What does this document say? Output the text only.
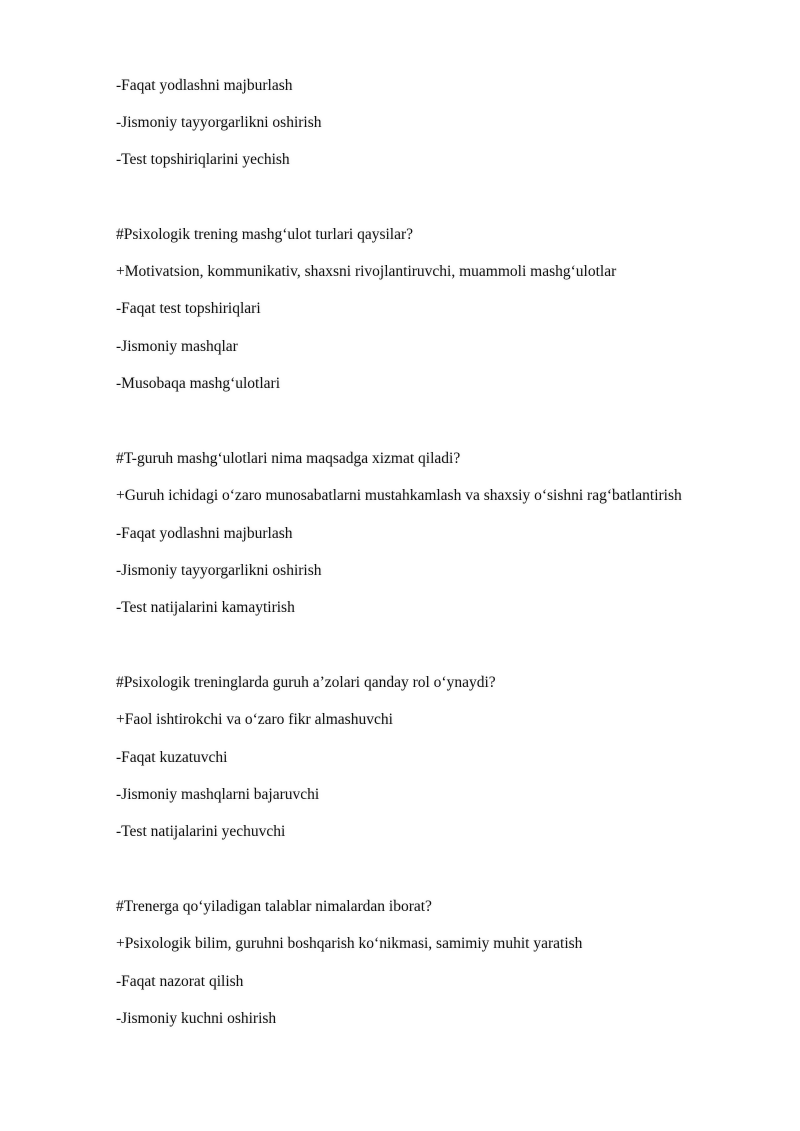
-Faqat yodlashni majburlash
-Jismoniy tayyorgarlikni oshirish
-Test topshiriqlarini yechish
#Psixologik trening mashg‘ulot turlari qaysilar?
+Motivatsion, kommunikativ, shaxsni rivojlantiruvchi, muammoli mashg‘ulotlar
-Faqat test topshiriqlari
-Jismoniy mashqlar
-Musobaqa mashg‘ulotlari
#T-guruh mashg‘ulotlari nima maqsadga xizmat qiladi?
+Guruh ichidagi o‘zaro munosabatlarni mustahkamlash va shaxsiy o‘sishni rag‘batlantirish
-Faqat yodlashni majburlash
-Jismoniy tayyorgarlikni oshirish
-Test natijalarini kamaytirish
#Psixologik treninglarda guruh a’zolari qanday rol o‘ynaydi?
+Faol ishtirokchi va o‘zaro fikr almashuvchi
-Faqat kuzatuvchi
-Jismoniy mashqlarni bajaruvchi
-Test natijalarini yechuvchi
#Trenerga qo‘yiladigan talablar nimalardan iborat?
+Psixologik bilim, guruhni boshqarish ko‘nikmasi, samimiy muhit yaratish
-Faqat nazorat qilish
-Jismoniy kuchni oshirish
